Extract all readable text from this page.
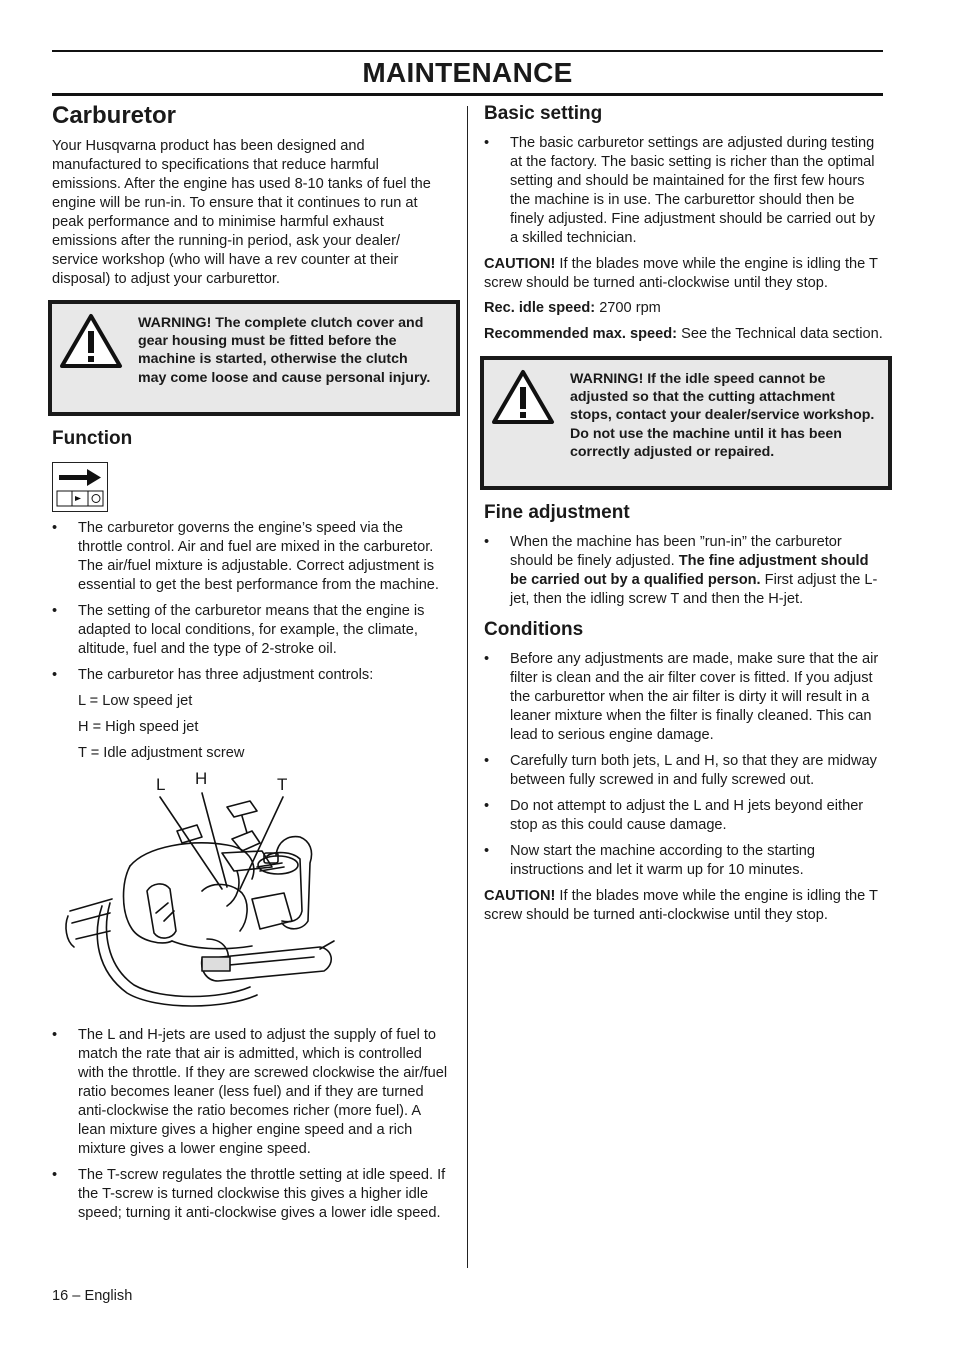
MAINTENANCE
Carburetor

Your Husqvarna product has been designed and manufactured to specifications that reduce harmful emissions. After the engine has used 8-10 tanks of fuel the engine will be run-in. To ensure that it continues to run at peak performance and to minimise harmful exhaust emissions after the running-in period, ask your dealer/ service workshop (who will have a rev counter at their disposal) to adjust your carburettor.

WARNING! The complete clutch cover and gear housing must be fitted before the machine is started, otherwise the clutch may come loose and cause personal injury.
Function
• The carburetor governs the engine’s speed via the throttle control. Air and fuel are mixed in the carburetor. The air/fuel mixture is adjustable. Correct adjustment is essential to get the best performance from the machine.
• The setting of the carburetor means that the engine is adapted to local conditions, for example, the climate, altitude, fuel and the type of 2-stroke oil.
• The carburetor has three adjustment controls:
L = Low speed jet
H = High speed jet
T = Idle adjustment screw
L H	T
• The L and H-jets are used to adjust the supply of fuel to match the rate that air is admitted, which is controlled with the throttle. If they are screwed clockwise the air/fuel ratio becomes leaner (less fuel) and if they are turned anti-clockwise the ratio becomes richer (more fuel). A lean mixture gives a higher engine speed and a rich mixture gives a lower engine speed.
• The T-screw regulates the throttle setting at idle speed. If the T-screw is turned clockwise this gives a higher idle speed; turning it anti-clockwise gives a lower idle speed.
Basic setting
• The basic carburetor settings are adjusted during testing at the factory. The basic setting is richer than the optimal setting and should be maintained for the first few hours the machine is in use. The carburettor should then be finely adjusted. Fine adjustment should be carried out by a skilled technician.

CAUTION! If the blades move while the engine is idling the T screw should be turned anti-clockwise until they stop.

Rec. idle speed: 2700 rpm

Recommended max. speed: See the Technical data section.

WARNING! If the idle speed cannot be adjusted so that the cutting attachment stops, contact your dealer/service workshop. Do not use the machine until it has been correctly adjusted or repaired.
Fine adjustment
• When the machine has been ”run-in” the carburetor should be finely adjusted. The fine adjustment should be carried out by a qualified person. First adjust the L-jet, then the idling screw T and then the H-jet.
Conditions
• Before any adjustments are made, make sure that the air filter is clean and the air filter cover is fitted. If you adjust the carburettor when the air filter is dirty it will result in a leaner mixture when the filter is finally cleaned. This can lead to serious engine damage.
• Carefully turn both jets, L and H, so that they are midway between fully screwed in and fully screwed out.
• Do not attempt to adjust the L and H jets beyond either stop as this could cause damage.
• Now start the machine according to the starting instructions and let it warm up for 10 minutes.

CAUTION! If the blades move while the engine is idling the T screw should be turned anti-clockwise until they stop.

16 – English
